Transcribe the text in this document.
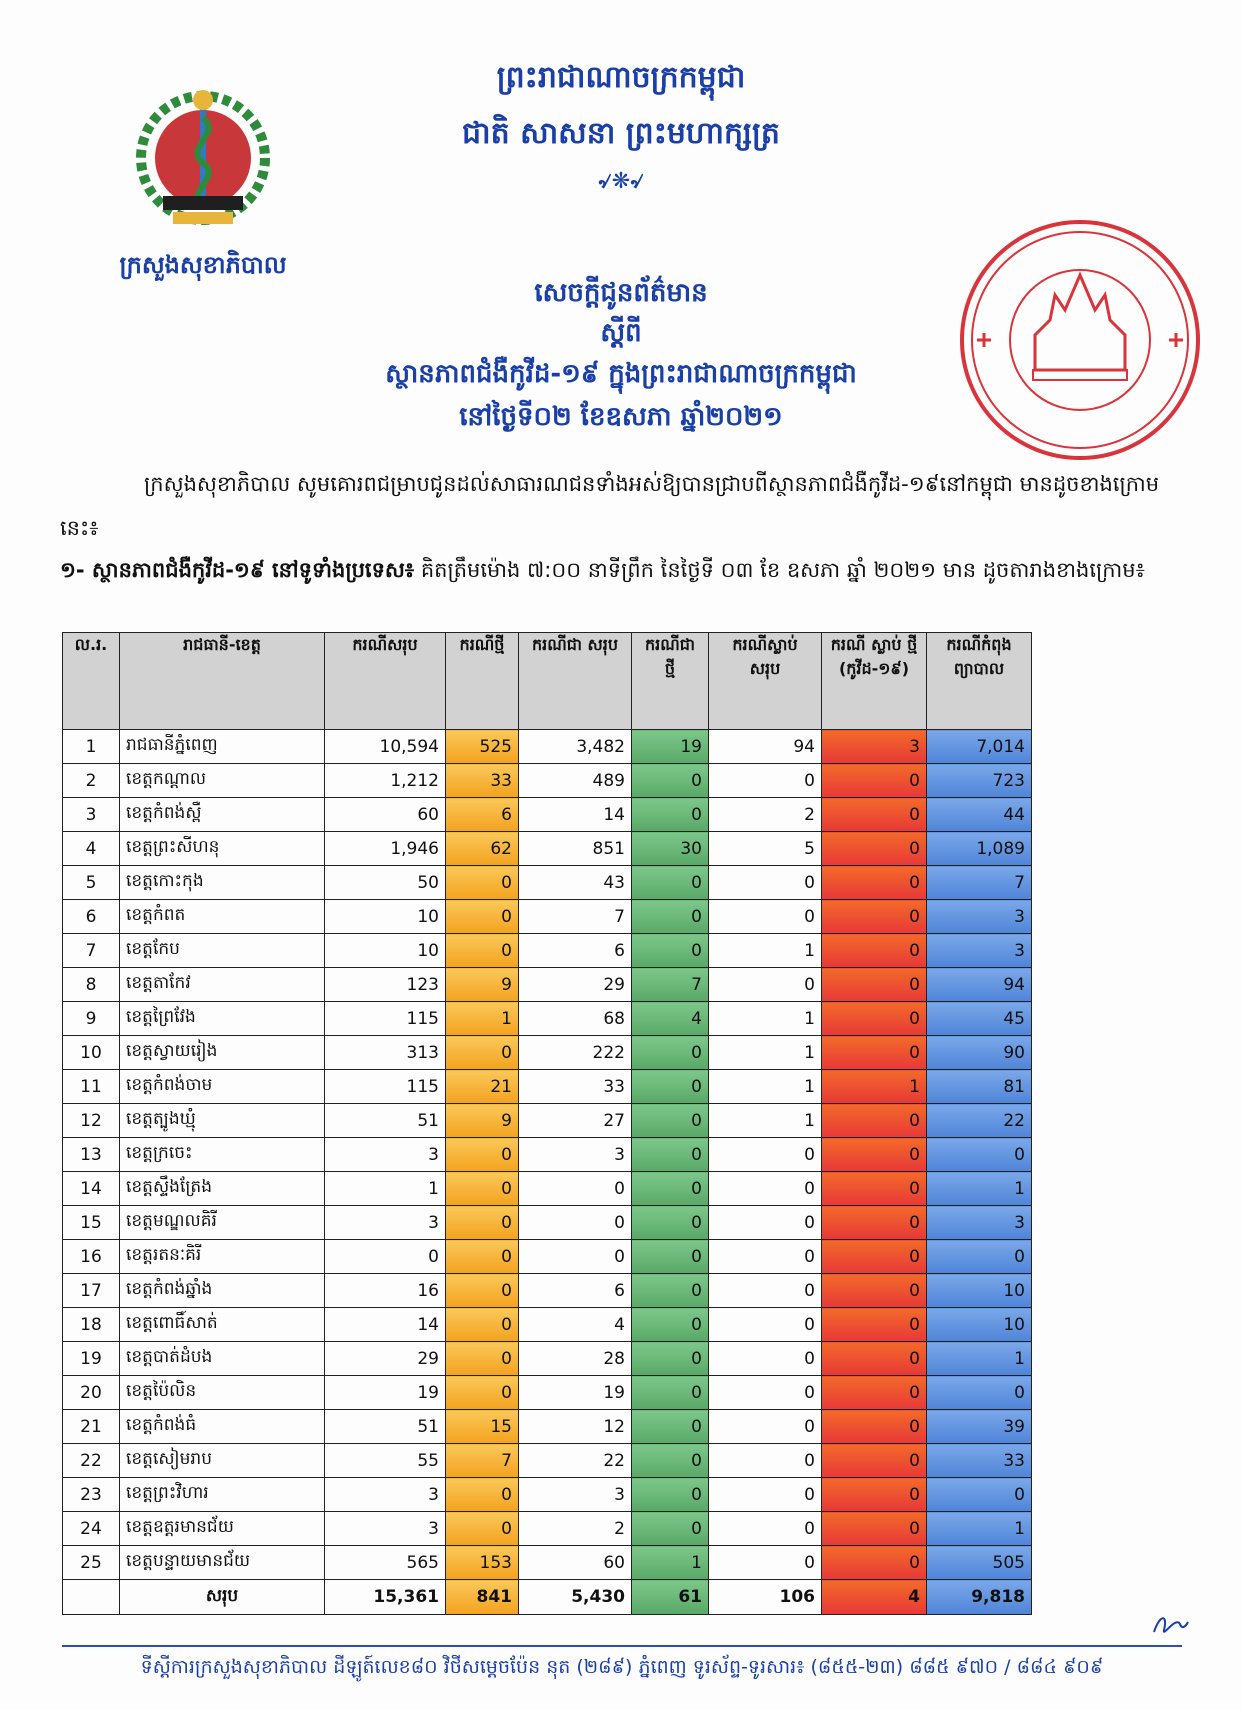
ព្រះរាជាណាចក្រកម្ពុជា
ជាតិ សាសនា ព្រះមហាក្សត្រ
৵❋৵
ក្រសួងសុខាភិបាល
សេចក្តីជូនព័ត៌មាន
ស្តីពី
ស្ថានភាពជំងឺកូវីដ-១៩ ក្នុងព្រះរាជាណាចក្រកម្ពុជា
នៅថ្ងៃទី០២ ខែឧសភា ឆ្នាំ២០២១
ក្រសួងសុខាភិបាល សូមគោរពជម្រាបជូនដល់សាធារណជនទាំងអស់ឱ្យបានជ្រាបពីស្ថានភាពជំងឺកូវីដ-១៩នៅកម្ពុជា មានដូចខាងក្រោមនេះ៖
១- ស្ថានភាពជំងឺកូវីដ-១៩ នៅទូទាំងប្រទេស៖ គិតត្រឹមម៉ោង ៧:០០ នាទីព្រឹក នៃថ្ងៃទី ០៣ ខែ ឧសភា ឆ្នាំ ២០២១ មាន ដូចតារាងខាងក្រោម៖
ល.រ.	រាជធានី-ខេត្ត	ករណីសរុប	ករណីថ្មី	ករណីជា សរុប	ករណីជា ថ្មី	ករណីស្លាប់ សរុប	ករណី ស្លាប់ ថ្មី (កូវីដ-១៩)	ករណីកំពុង ព្យាបាល
1	រាជធានីភ្នំពេញ	10,594	525	3,482	19	94	3	7,014
2	ខេត្តកណ្តាល	1,212	33	489	0	0	0	723
3	ខេត្តកំពង់ស្ពឺ	60	6	14	0	2	0	44
4	ខេត្តព្រះសីហនុ	1,946	62	851	30	5	0	1,089
5	ខេត្តកោះកុង	50	0	43	0	0	0	7
6	ខេត្តកំពត	10	0	7	0	0	0	3
7	ខេត្តកែប	10	0	6	0	1	0	3
8	ខេត្តតាកែវ	123	9	29	7	0	0	94
9	ខេត្តព្រៃវែង	115	1	68	4	1	0	45
10	ខេត្តស្វាយរៀង	313	0	222	0	1	0	90
11	ខេត្តកំពង់ចាម	115	21	33	0	1	1	81
12	ខេត្តត្បូងឃ្មុំ	51	9	27	0	1	0	22
13	ខេត្តក្រចេះ	3	0	3	0	0	0	0
14	ខេត្តស្ទឹងត្រែង	1	0	0	0	0	0	1
15	ខេត្តមណ្ឌលគិរី	3	0	0	0	0	0	3
16	ខេត្តរតនៈគិរី	0	0	0	0	0	0	0
17	ខេត្តកំពង់ឆ្នាំង	16	0	6	0	0	0	10
18	ខេត្តពោធិ៍សាត់	14	0	4	0	0	0	10
19	ខេត្តបាត់ដំបង	29	0	28	0	0	0	1
20	ខេត្តប៉ៃលិន	19	0	19	0	0	0	0
21	ខេត្តកំពង់ធំ	51	15	12	0	0	0	39
22	ខេត្តសៀមរាប	55	7	22	0	0	0	33
23	ខេត្តព្រះវិហារ	3	0	3	0	0	0	0
24	ខេត្តឧត្តរមានជ័យ	3	0	2	0	0	0	1
25	ខេត្តបន្ទាយមានជ័យ	565	153	60	1	0	0	505
	សរុប	15,361	841	5,430	61	106	4	9,818
ទីស្តីការក្រសួងសុខាភិបាល ដីឡូត៍លេខ៨០ វិថីសម្តេចប៉ែន នុត (២៨៩) ភ្នំពេញ ទូរស័ព្ទ-ទូរសារ៖ (៨៥៥-២៣) ៨៨៥ ៩៧០ / ៨៨៤ ៩០៩
